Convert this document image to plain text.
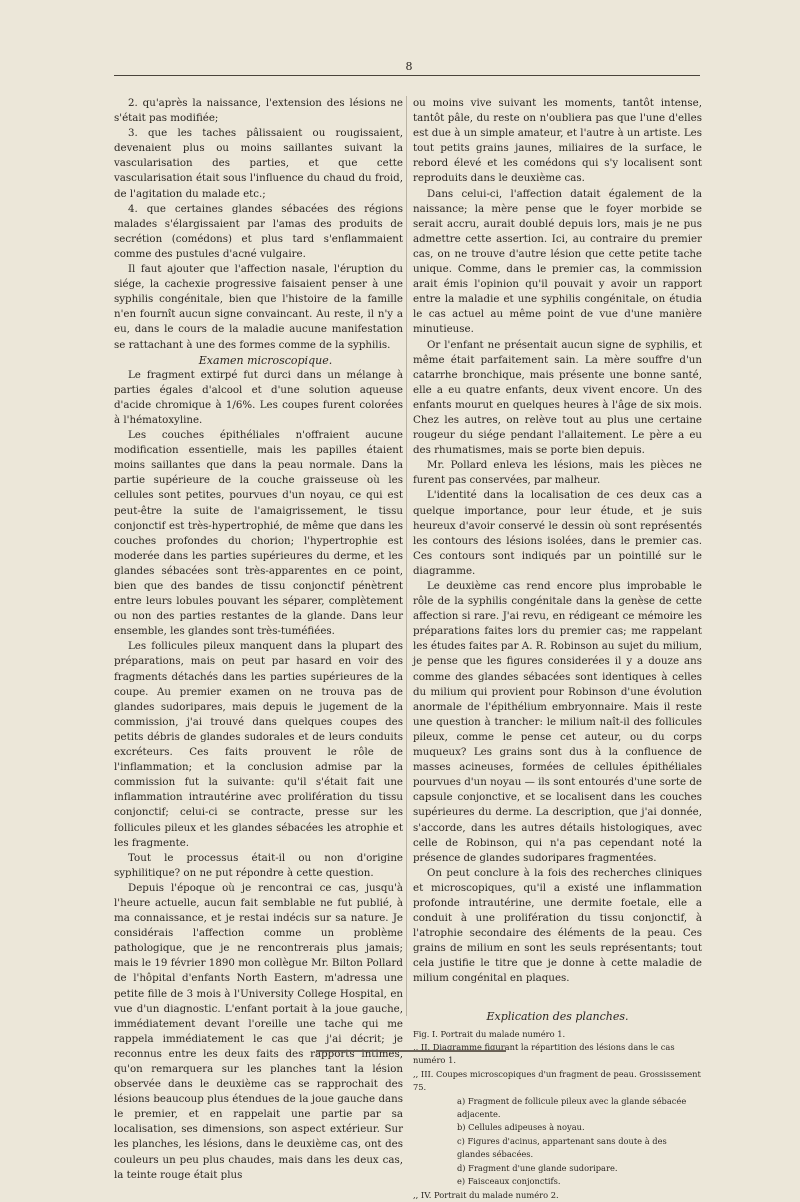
8

2. qu'après la naissance, l'extension des lésions ne s'était pas modifiée;

3. que les taches pâlissaient ou rougissaient, devenaient plus ou moins saillantes suivant la vascularisation des parties, et que cette vascularisation était sous l'influence du chaud du froid, de l'agitation du malade etc.;

4. que certaines glandes sébacées des régions malades s'élargissaient par l'amas des produits de secrétion (comédons) et plus tard s'enflammaient comme des pustules d'acné vulgaire.

Il faut ajouter que l'affection nasale, l'éruption du siége, la cachexie progressive faisaient penser à une syphilis congénitale, bien que l'histoire de la famille n'en fournît aucun signe convaincant. Au reste, il n'y a eu, dans le cours de la maladie aucune manifestation se rattachant à une des formes comme de la syphilis.

Examen microscopique.

Le fragment extirpé fut durci dans un mélange à parties égales d'alcool et d'une solution aqueuse d'acide chromique à 1/6%. Les coupes furent colorées à l'hématoxyline.

Les couches épithéliales n'offraient aucune modification essentielle, mais les papilles étaient moins saillantes que dans la peau normale. Dans la partie supérieure de la couche graisseuse où les cellules sont petites, pourvues d'un noyau, ce qui est peut-être la suite de l'amaigrissement, le tissu conjonctif est très-hypertrophié, de même que dans les couches profondes du chorion; l'hypertrophie est moderée dans les parties supérieures du derme, et les glandes sébacées sont très-apparentes en ce point, bien que des bandes de tissu conjonctif pénètrent entre leurs lobules pouvant les séparer, complètement ou non des parties restantes de la glande. Dans leur ensemble, les glandes sont très-tuméfiées.

Les follicules pileux manquent dans la plupart des préparations, mais on peut par hasard en voir des fragments détachés dans les parties supérieures de la coupe. Au premier examen on ne trouva pas de glandes sudoripares, mais depuis le jugement de la commission, j'ai trouvé dans quelques coupes des petits débris de glandes sudorales et de leurs conduits excréteurs. Ces faits prouvent le rôle de l'inflammation; et la conclusion admise par la commission fut la suivante: qu'il s'était fait une inflammation intrautérine avec prolifération du tissu conjonctif; celui-ci se contracte, presse sur les follicules pileux et les glandes sébacées les atrophie et les fragmente.

Tout le processus était-il ou non d'origine syphilitique? on ne put répondre à cette question.

Depuis l'époque où je rencontrai ce cas, jusqu'à l'heure actuelle, aucun fait semblable ne fut publié, à ma connaissance, et je restai indécis sur sa nature. Je considérais l'affection comme un problème pathologique, que je ne rencontrerais plus jamais; mais le 19 février 1890 mon collègue Mr. Bilton Pollard de l'hôpital d'enfants North Eastern, m'adressa une petite fille de 3 mois à l'University College Hospital, en vue d'un diagnostic. L'enfant portait à la joue gauche, immédiatement devant l'oreille une tache qui me rappela immédiatement le cas que j'ai décrit; je reconnus entre les deux faits des rapports intimes, qu'on remarquera sur les planches tant la lésion observée dans le deuxième cas se rapprochait des lésions beaucoup plus étendues de la joue gauche dans le premier, et en rappelait une partie par sa localisation, ses dimensions, son aspect extérieur. Sur les planches, les lésions, dans le deuxième cas, ont des couleurs un peu plus chaudes, mais dans les deux cas, la teinte rouge était plus

ou moins vive suivant les moments, tantôt intense, tantôt pâle, du reste on n'oubliera pas que l'une d'elles est due à un simple amateur, et l'autre à un artiste. Les tout petits grains jaunes, miliaires de la surface, le rebord élevé et les comédons qui s'y localisent sont reproduits dans le deuxième cas.

Dans celui-ci, l'affection datait également de la naissance; la mère pense que le foyer morbide se serait accru, aurait doublé depuis lors, mais je ne pus admettre cette assertion. Ici, au contraire du premier cas, on ne trouve d'autre lésion que cette petite tache unique. Comme, dans le premier cas, la commission arait émis l'opinion qu'il pouvait y avoir un rapport entre la maladie et une syphilis congénitale, on étudia le cas actuel au même point de vue d'une manière minutieuse.

Or l'enfant ne présentait aucun signe de syphilis, et même était parfaitement sain. La mère souffre d'un catarrhe bronchique, mais présente une bonne santé, elle a eu quatre enfants, deux vivent encore. Un des enfants mourut en quelques heures à l'âge de six mois. Chez les autres, on relève tout au plus une certaine rougeur du siége pendant l'allaitement. Le père a eu des rhumatismes, mais se porte bien depuis.

Mr. Pollard enleva les lésions, mais les pièces ne furent pas conservées, par malheur.

L'identité dans la localisation de ces deux cas a quelque importance, pour leur étude, et je suis heureux d'avoir conservé le dessin où sont représentés les contours des lésions isolées, dans le premier cas. Ces contours sont indiqués par un pointillé sur le diagramme.

Le deuxième cas rend encore plus improbable le rôle de la syphilis congénitale dans la genèse de cette affection si rare. J'ai revu, en rédigeant ce mémoire les préparations faites lors du premier cas; me rappelant les études faites par A. R. Robinson au sujet du milium, je pense que les figures considerées il y a douze ans comme des glandes sébacées sont identiques à celles du milium qui provient pour Robinson d'une évolution anormale de l'épithélium embryonnaire. Mais il reste une question à trancher: le milium naît-il des follicules pileux, comme le pense cet auteur, ou du corps muqueux? Les grains sont dus à la confluence de masses acineuses, formées de cellules épithéliales pourvues d'un noyau — ils sont entourés d'une sorte de capsule conjonctive, et se localisent dans les couches supérieures du derme. La description, que j'ai donnée, s'accorde, dans les autres détails histologiques, avec celle de Robinson, qui n'a pas cependant noté la présence de glandes sudoripares fragmentées.

On peut conclure à la fois des recherches cliniques et microscopiques, qu'il a existé une inflammation profonde intrautérine, une dermite foetale, elle a conduit à une prolifération du tissu conjonctif, à l'atrophie secondaire des éléments de la peau. Ces grains de milium en sont les seuls représentants; tout cela justifie le titre que je donne à cette maladie de milium congénital en plaques.

Explication des planches.
Fig. I. Portrait du malade numéro 1.
,, II. Diagramme figurant la répartition des lésions dans le cas numéro 1.
,, III. Coupes microscopiques d'un fragment de peau. Grossissement 75.
a) Fragment de follicule pileux avec la glande sébacée adjacente.
b) Cellules adipeuses à noyau.
c) Figures d'acinus, appartenant sans doute à des glandes sébacées.
d) Fragment d'une glande sudoripare.
e) Faisceaux conjonctifs.
,, IV. Portrait du malade numéro 2.
